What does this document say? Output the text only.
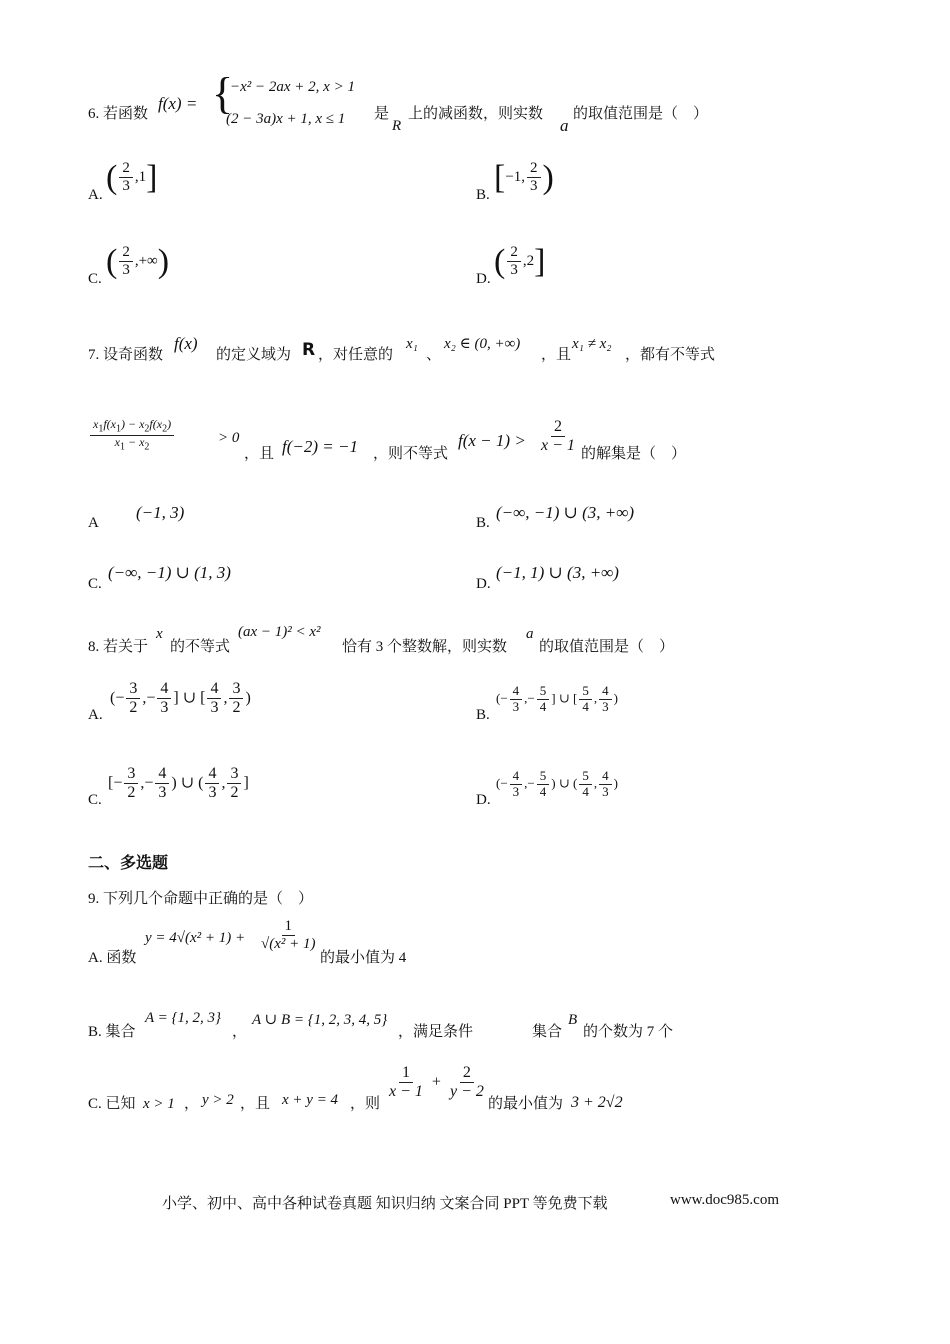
6. 若函数
f(x) = {
−x² − 2ax + 2, x > 1
(2 − 3a)x + 1, x ≤ 1 是
R
上的减函数，则实数
a
的取值范围是（　）
A. ( $\frac{2}{3} ,1$]	B. [−1, $\frac{2}{3}$ )
C. ( $\frac{2}{3}$ ,+∞)	D. ( $\frac{2}{3} ,2$]
7. 设奇函数
f(x)
的定义域为 R ，对任意的
x₁
、
x₂ ∈ (0, +∞)
，且
x₁ ≠ x₂
，都有不等式
$\frac{x_1f(x_1) - x_2f(x_2)}{x_1 - x_2}$	> 0
，且 f(−2) = −1 ，则不等式
$f(x - 1) > \frac{2}{x - 1}$ 的解集是（　）
A
(−1, 3)
B.
(−∞, −1) ∪ (3, +∞)
C.
(−∞, −1) ∪ (1, 3)
D.
(−1, 1) ∪ (3, +∞)
8. 若关于
x
的不等式
(ax − 1)² < x²
恰有 3 个整数解，则实数
a
的取值范围是（　）
A.
(− $\frac{3}{2}$ ,− $\frac{4}{3}$ ] ∪ [ $\frac{4}{3}$ , $\frac{3}{2}$ )
B.
(− $\frac{4}{3}$ ,− $\frac{5}{4}$ ] ∪ [ $\frac{5}{4}$ , $\frac{4}{3}$ )
C.
[− $\frac{3}{2}$ ,− $\frac{4}{3}$ ) ∪ ( $\frac{4}{3}$ , $\frac{3}{2}$ ]
D.
(− $\frac{4}{3}$ ,− $\frac{5}{4}$ ) ∪ ( $\frac{5}{4}$ , $\frac{4}{3}$ )
二、多选题
9. 下列几个命题中正确的是（　）
A. 函数
$y = 4√(x^2 + 1) + \frac{1}{\text{√(x² + 1)}}$
的最小值为 4
B. 集合
A = {1, 2, 3}
，
A ∪ B = {1, 2, 3, 4, 5}
，满足条件	集合
B
的个数为 7 个
C. 已知 x > 1 ， y > 2 ，且 x + y = 4 ，则
$\frac{1}{x - 1} + \frac{2}{y - 2}$
的最小值为 3 + 2√2
小学、初中、高中各种试卷真题 知识归纳 文案合同 PPT 等免费下载	www.doc985.com
